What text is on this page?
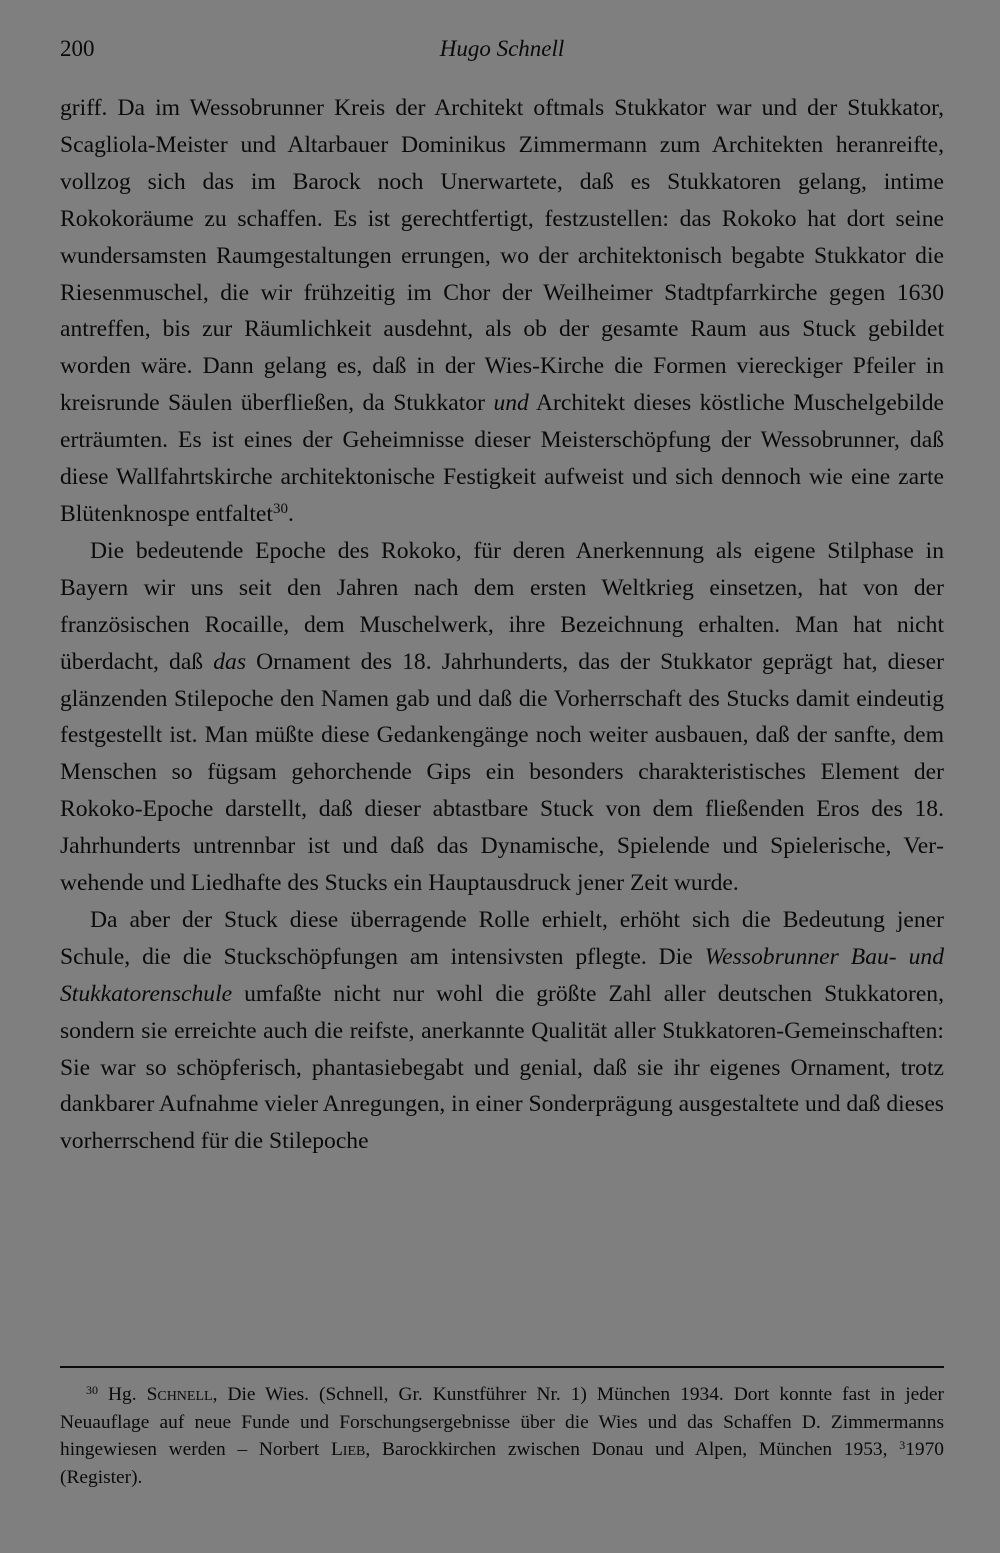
200	Hugo Schnell

griff. Da im Wessobrunner Kreis der Architekt oftmals Stukkator war und der Stukkator, Scagliola-Meister und Altarbauer Dominikus Zimmermann zum Architekten heranreifte, vollzog sich das im Barock noch Unerwartete, daß es Stukkatoren gelang, intime Rokokoräume zu schaffen. Es ist gerechtfertigt, festzustellen: das Rokoko hat dort seine wundersamsten Raumgestaltungen errungen, wo der architektonisch begabte Stukkator die Riesenmuschel, die wir frühzeitig im Chor der Weilheimer Stadtpfarrkirche gegen 1630 antreffen, bis zur Räumlichkeit ausdehnt, als ob der gesamte Raum aus Stuck gebildet worden wäre. Dann gelang es, daß in der Wies-Kirche die Formen viereckiger Pfeiler in kreisrunde Säulen überfließen, da Stukkator und Architekt dieses köstliche Muschelgebilde erträumten. Es ist eines der Geheimnisse dieser Meisterschöpfung der Wessobrunner, daß diese Wallfahrtskirche architektonische Festigkeit aufweist und sich dennoch wie eine zarte Blütenknospe entfaltet$^{30}$.

Die bedeutende Epoche des Rokoko, für deren Anerkennung als eigene Stilphase in Bayern wir uns seit den Jahren nach dem ersten Weltkrieg einsetzen, hat von der französischen Rocaille, dem Muschelwerk, ihre Bezeichnung erhalten. Man hat nicht überdacht, daß das Ornament des 18. Jahrhunderts, das der Stukkator geprägt hat, dieser glänzenden Stilepoche den Namen gab und daß die Vorherrschaft des Stucks damit eindeutig festgestellt ist. Man müßte diese Gedankengänge noch weiter ausbauen, daß der sanfte, dem Menschen so fügsam gehorchende Gips ein besonders charakteristisches Element der Rokoko-Epoche darstellt, daß dieser abtastbare Stuck von dem fließenden Eros des 18. Jahrhunderts untrennbar ist und daß das Dynamische, Spielende und Spielerische, Verwehende und Liedhafte des Stucks ein Hauptausdruck jener Zeit wurde.

Da aber der Stuck diese überragende Rolle erhielt, erhöht sich die Bedeutung jener Schule, die die Stuckschöpfungen am intensivsten pflegte. Die Wessobrunner Bau- und Stukkatorenschule umfaßte nicht nur wohl die größte Zahl aller deutschen Stukkatoren, sondern sie erreichte auch die reifste, anerkannte Qualität aller Stukkatoren-Gemeinschaften: Sie war so schöpferisch, phantasiebegabt und genial, daß sie ihr eigenes Ornament, trotz dankbarer Aufnahme vieler Anregungen, in einer Sonderprägung ausgestaltete und daß dieses vorherrschend für die Stilepoche

$^{30}$ Hg. Schnell, Die Wies. (Schnell, Gr. Kunstführer Nr. 1) München 1934. Dort konnte fast in jeder Neuauflage auf neue Funde und Forschungsergebnisse über die Wies und das Schaffen D. Zimmermanns hingewiesen werden – Norbert Lieb, Barockkirchen zwischen Donau und Alpen, München 1953, $^3$1970 (Register).
